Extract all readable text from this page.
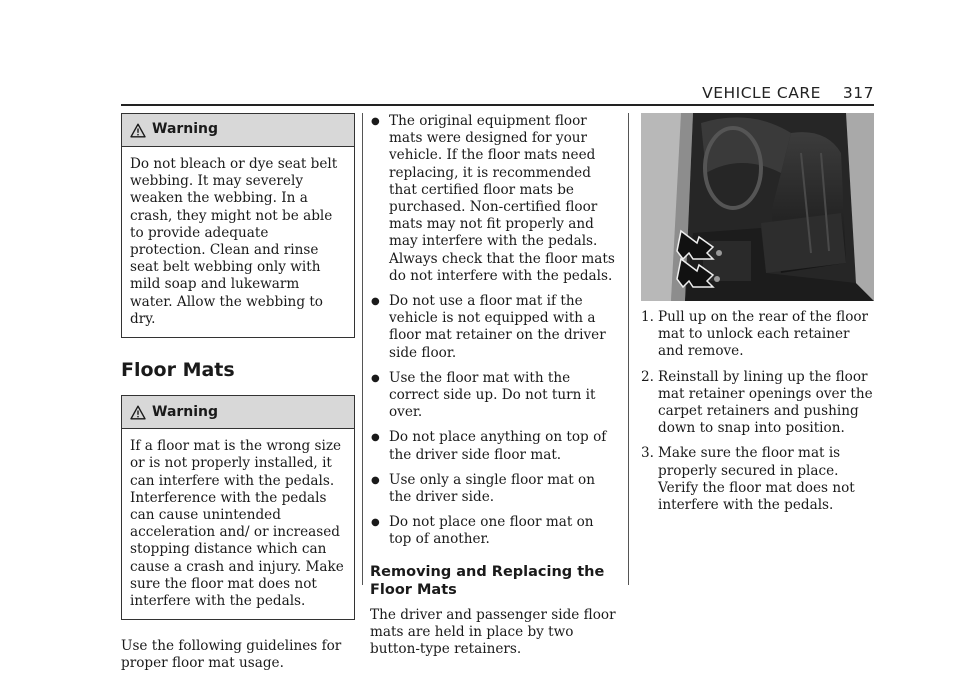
VEHICLE CARE 317
Warning
Do not bleach or dye seat belt webbing. It may severely weaken the webbing. In a crash, they might not be able to provide adequate protection. Clean and rinse seat belt webbing only with mild soap and lukewarm water. Allow the webbing to dry.
Floor Mats
Warning
If a floor mat is the wrong size or is not properly installed, it can interfere with the pedals. Interference with the pedals can cause unintended acceleration and/ or increased stopping distance which can cause a crash and injury. Make sure the floor mat does not interfere with the pedals.

Use the following guidelines for proper floor mat usage.

● The original equipment floor mats were designed for your vehicle. If the floor mats need replacing, it is recommended that certified floor mats be purchased. Non-certified floor mats may not fit properly and may interfere with the pedals. Always check that the floor mats do not interfere with the pedals.
● Do not use a floor mat if the vehicle is not equipped with a floor mat retainer on the driver side floor.
● Use the floor mat with the correct side up. Do not turn it over.
● Do not place anything on top of the driver side floor mat.
● Use only a single floor mat on the driver side.
● Do not place one floor mat on top of another.
Removing and Replacing the Floor Mats

The driver and passenger side floor mats are held in place by two button-type retainers.

1. Pull up on the rear of the floor mat to unlock each retainer and remove.
2. Reinstall by lining up the floor mat retainer openings over the carpet retainers and pushing down to snap into position.
3. Make sure the floor mat is properly secured in place. Verify the floor mat does not interfere with the pedals.
